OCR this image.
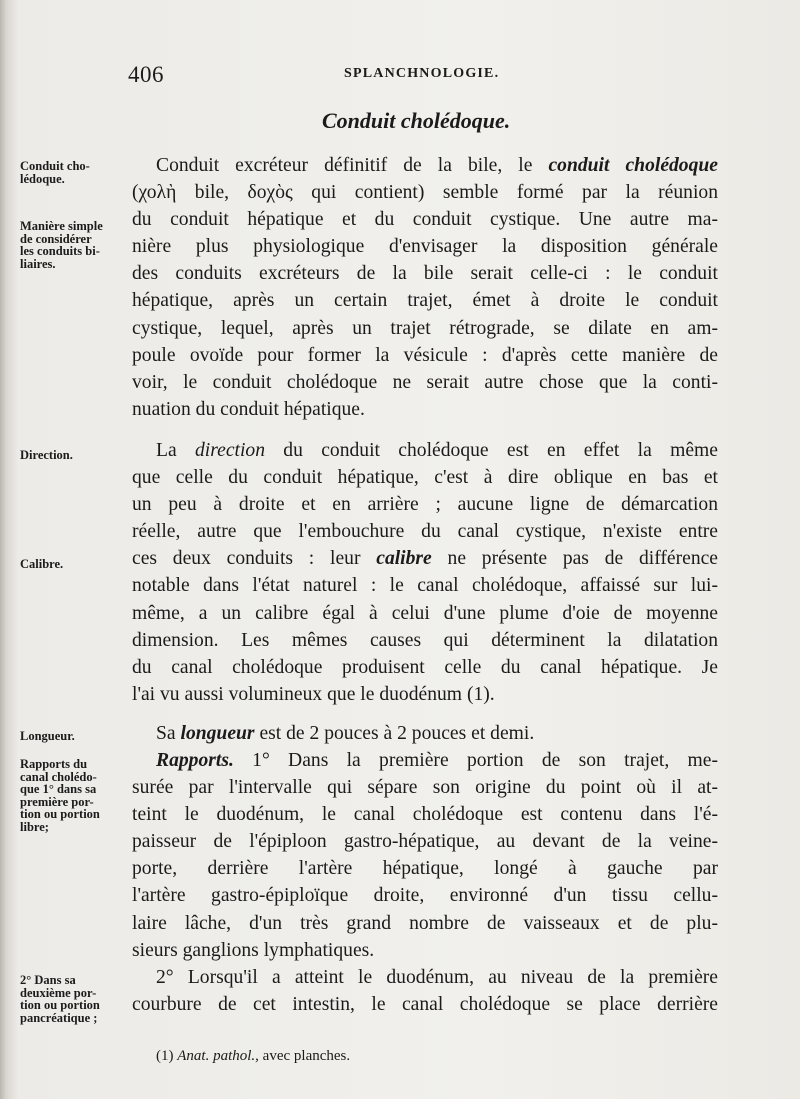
406	SPLANCHNOLOGIE.
Conduit cholédoque.
Conduit cho-
lédoque.
Manière simple
de considérer
les conduits bi-
liaires.
Direction.
Calibre.
Longueur.
Rapports du
canal cholédo-
que 1° dans sa
première por-
tion ou portion
libre;
2° Dans sa
deuxième por-
tion ou portion
pancréatique ;
Conduit excréteur définitif de la bile, le conduit cholédoque
(χολὴ bile, δοχὸς qui contient) semble formé par la réunion
du conduit hépatique et du conduit cystique. Une autre ma-
nière plus physiologique d'envisager la disposition générale
des conduits excréteurs de la bile serait celle-ci : le conduit
hépatique, après un certain trajet, émet à droite le conduit
cystique, lequel, après un trajet rétrograde, se dilate en am-
poule ovoïde pour former la vésicule : d'après cette manière de
voir, le conduit cholédoque ne serait autre chose que la conti-
nuation du conduit hépatique.
La direction du conduit cholédoque est en effet la même
que celle du conduit hépatique, c'est à dire oblique en bas et
un peu à droite et en arrière ; aucune ligne de démarcation
réelle, autre que l'embouchure du canal cystique, n'existe entre
ces deux conduits : leur calibre ne présente pas de différence
notable dans l'état naturel : le canal cholédoque, affaissé sur lui-
même, a un calibre égal à celui d'une plume d'oie de moyenne
dimension. Les mêmes causes qui déterminent la dilatation
du canal cholédoque produisent celle du canal hépatique. Je
l'ai vu aussi volumineux que le duodénum (1).
Sa longueur est de 2 pouces à 2 pouces et demi.
Rapports. 1° Dans la première portion de son trajet, me-
surée par l'intervalle qui sépare son origine du point où il at-
teint le duodénum, le canal cholédoque est contenu dans l'é-
paisseur de l'épiploon gastro-hépatique, au devant de la veine-
porte, derrière l'artère hépatique, longé à gauche par
l'artère gastro-épiploïque droite, environné d'un tissu cellu-
laire lâche, d'un très grand nombre de vaisseaux et de plu-
sieurs ganglions lymphatiques.
2° Lorsqu'il a atteint le duodénum, au niveau de la première
courbure de cet intestin, le canal cholédoque se place derrière
(1) Anat. pathol., avec planches.
